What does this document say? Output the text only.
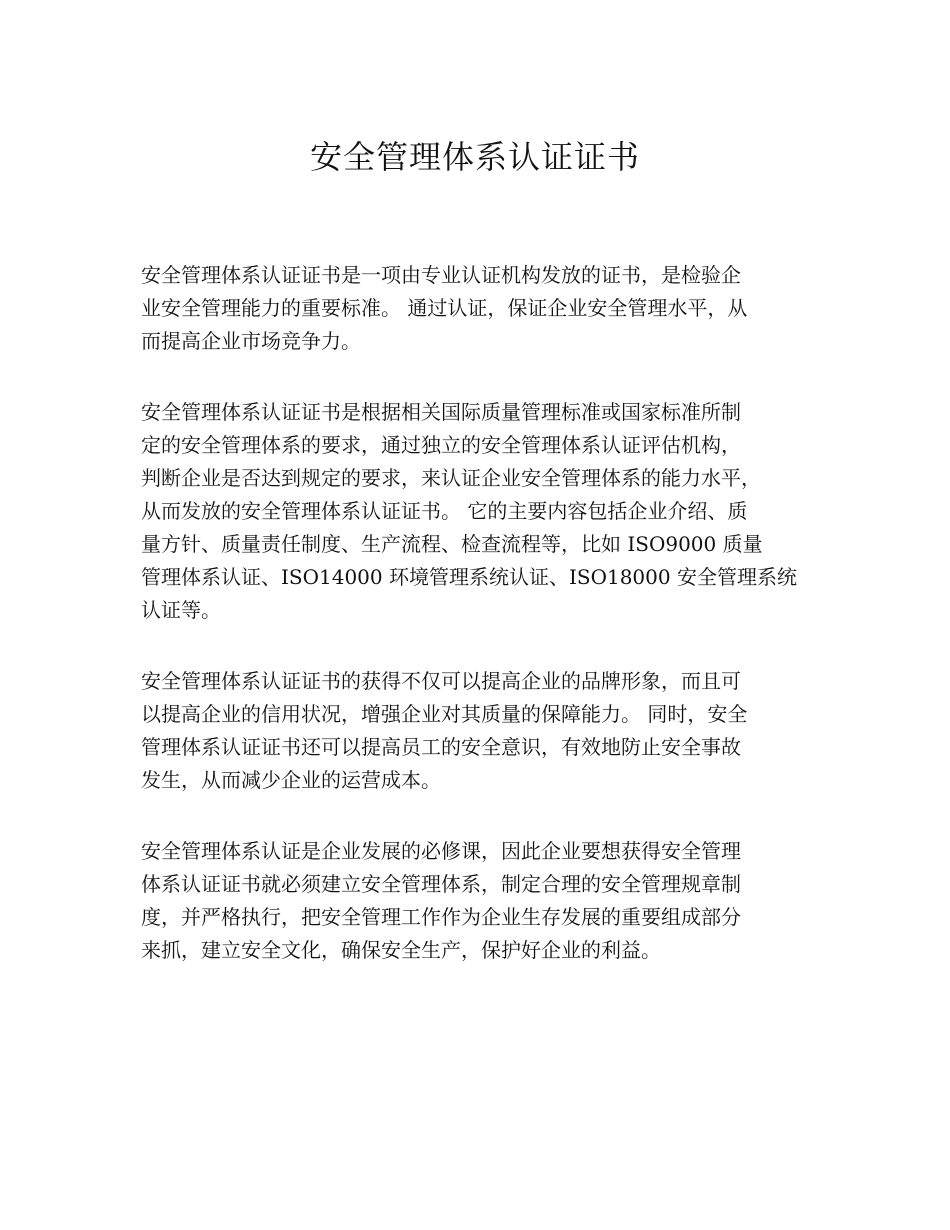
安全管理体系认证证书

安全管理体系认证证书是一项由专业认证机构发放的证书，是检验企
业安全管理能力的重要标准。 通过认证，保证企业安全管理水平，从
而提高企业市场竞争力。

安全管理体系认证证书是根据相关国际质量管理标准或国家标准所制
定的安全管理体系的要求，通过独立的安全管理体系认证评估机构，
判断企业是否达到规定的要求，来认证企业安全管理体系的能力水平，
从而发放的安全管理体系认证证书。 它的主要内容包括企业介绍、质
量方针、质量责任制度、生产流程、检查流程等，比如 ISO9000 质量
管理体系认证、ISO14000 环境管理系统认证、ISO18000 安全管理系统
认证等。

安全管理体系认证证书的获得不仅可以提高企业的品牌形象，而且可
以提高企业的信用状况，增强企业对其质量的保障能力。 同时，安全
管理体系认证证书还可以提高员工的安全意识，有效地防止安全事故
发生，从而减少企业的运营成本。

安全管理体系认证是企业发展的必修课，因此企业要想获得安全管理
体系认证证书就必须建立安全管理体系，制定合理的安全管理规章制
度，并严格执行，把安全管理工作作为企业生存发展的重要组成部分
来抓，建立安全文化，确保安全生产，保护好企业的利益。
